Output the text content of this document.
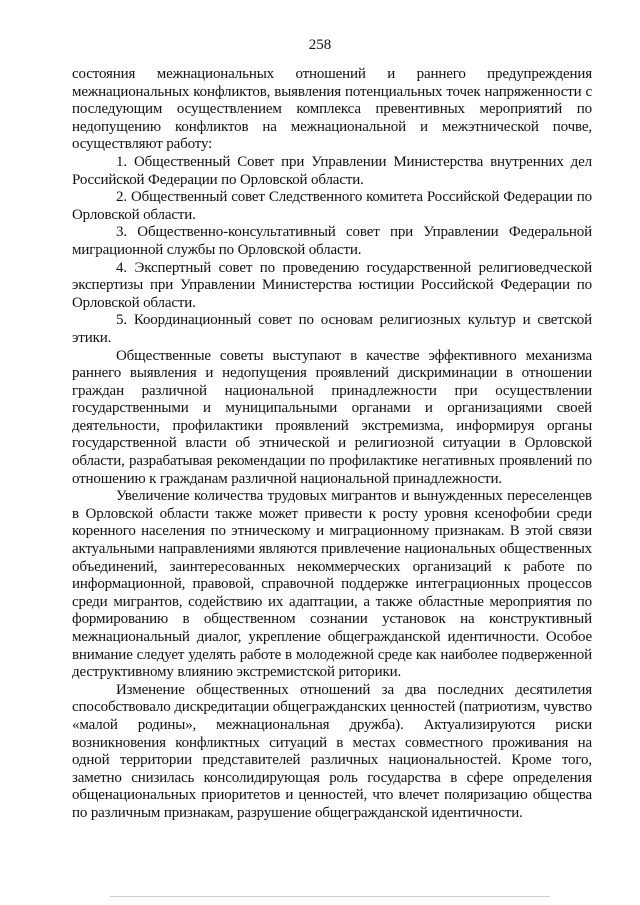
258

состояния межнациональных отношений и раннего предупреждения межнациональных конфликтов, выявления потенциальных точек напряженности с последующим осуществлением комплекса превентивных мероприятий по недопущению конфликтов на межнациональной и межэтнической почве, осуществляют работу:

1. Общественный Совет при Управлении Министерства внутренних дел Российской Федерации по Орловской области.

2. Общественный совет Следственного комитета Российской Федерации по Орловской области.

3. Общественно-консультативный совет при Управлении Федеральной миграционной службы по Орловской области.

4. Экспертный совет по проведению государственной религиоведческой экспертизы при Управлении Министерства юстиции Российской Федерации по Орловской области.

5. Координационный совет по основам религиозных культур и светской этики.

Общественные советы выступают в качестве эффективного механизма раннего выявления и недопущения проявлений дискриминации в отношении граждан различной национальной принадлежности при осуществлении государственными и муниципальными органами и организациями своей деятельности, профилактики проявлений экстремизма, информируя органы государственной власти об этнической и религиозной ситуации в Орловской области, разрабатывая рекомендации по профилактике негативных проявлений по отношению к гражданам различной национальной принадлежности.

Увеличение количества трудовых мигрантов и вынужденных переселенцев в Орловской области также может привести к росту уровня ксенофобии среди коренного населения по этническому и миграционному признакам. В этой связи актуальными направлениями являются привлечение национальных общественных объединений, заинтересованных некоммерческих организаций к работе по информационной, правовой, справочной поддержке интеграционных процессов среди мигрантов, содействию их адаптации, а также областные мероприятия по формированию в общественном сознании установок на конструктивный межнациональный диалог, укрепление общегражданской идентичности. Особое внимание следует уделять работе в молодежной среде как наиболее подверженной деструктивному влиянию экстремистской риторики.

Изменение общественных отношений за два последних десятилетия способствовало дискредитации общегражданских ценностей (патриотизм, чувство «малой родины», межнациональная дружба). Актуализируются риски возникновения конфликтных ситуаций в местах совместного проживания на одной территории представителей различных национальностей. Кроме того, заметно снизилась консолидирующая роль государства в сфере определения общенациональных приоритетов и ценностей, что влечет поляризацию общества по различным признакам, разрушение общегражданской идентичности.
